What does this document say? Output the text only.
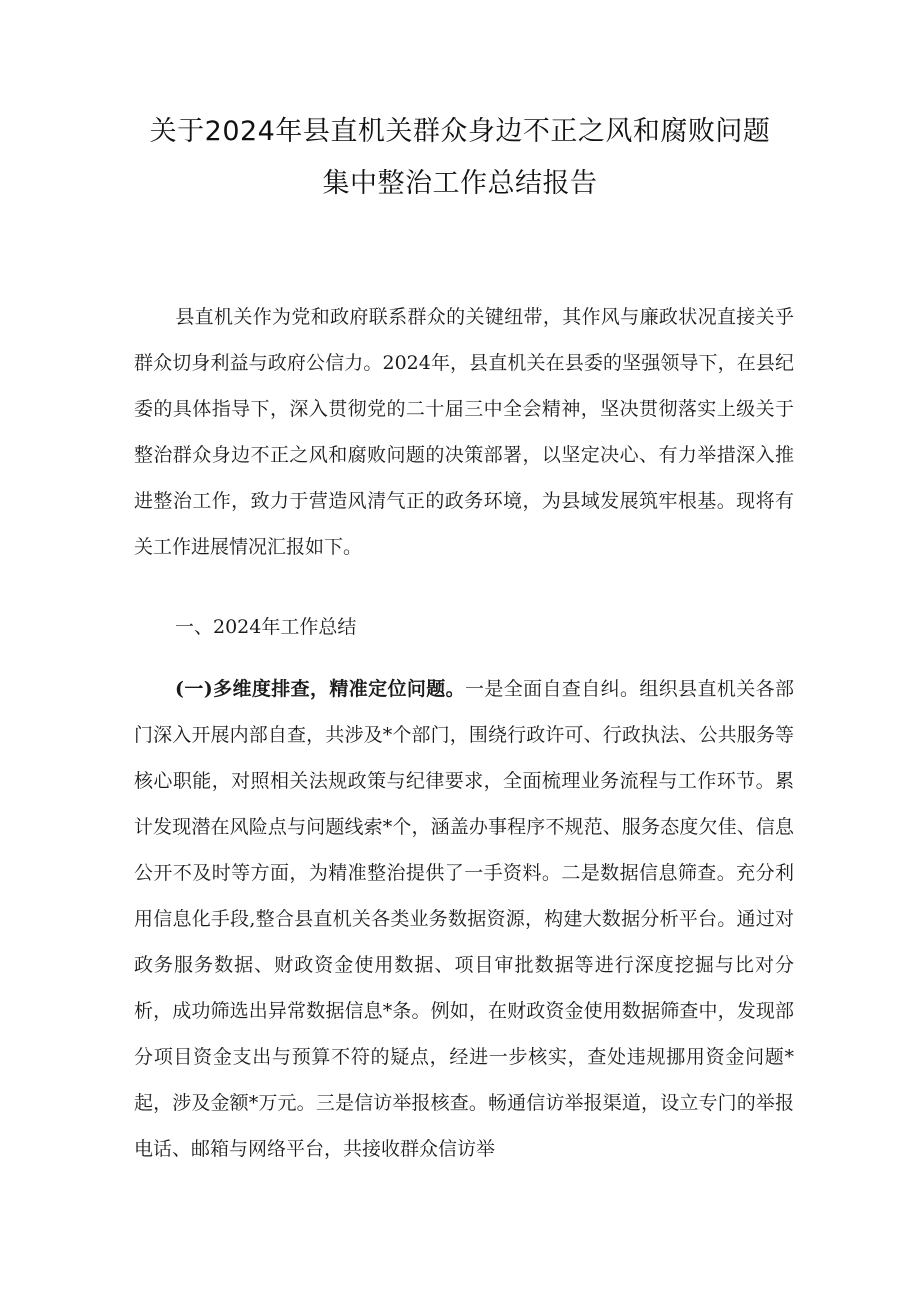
关于2024年县直机关群众身边不正之风和腐败问题
集中整治工作总结报告

县直机关作为党和政府联系群众的关键纽带，其作风与廉政状况直接关乎群众切身利益与政府公信力。2024年，县直机关在县委的坚强领导下，在县纪委的具体指导下，深入贯彻党的二十届三中全会精神，坚决贯彻落实上级关于整治群众身边不正之风和腐败问题的决策部署，以坚定决心、有力举措深入推进整治工作，致力于营造风清气正的政务环境，为县域发展筑牢根基。现将有关工作进展情况汇报如下。

一、2024年工作总结

(一)多维度排查，精准定位问题。一是全面自查自纠。组织县直机关各部门深入开展内部自查，共涉及*个部门，围绕行政许可、行政执法、公共服务等核心职能，对照相关法规政策与纪律要求，全面梳理业务流程与工作环节。累计发现潜在风险点与问题线索*个，涵盖办事程序不规范、服务态度欠佳、信息公开不及时等方面，为精准整治提供了一手资料。二是数据信息筛查。充分利用信息化手段,整合县直机关各类业务数据资源，构建大数据分析平台。通过对政务服务数据、财政资金使用数据、项目审批数据等进行深度挖掘与比对分析，成功筛选出异常数据信息*条。例如，在财政资金使用数据筛查中，发现部分项目资金支出与预算不符的疑点，经进一步核实，查处违规挪用资金问题*起，涉及金额*万元。三是信访举报核查。畅通信访举报渠道，设立专门的举报电话、邮箱与网络平台，共接收群众信访举
